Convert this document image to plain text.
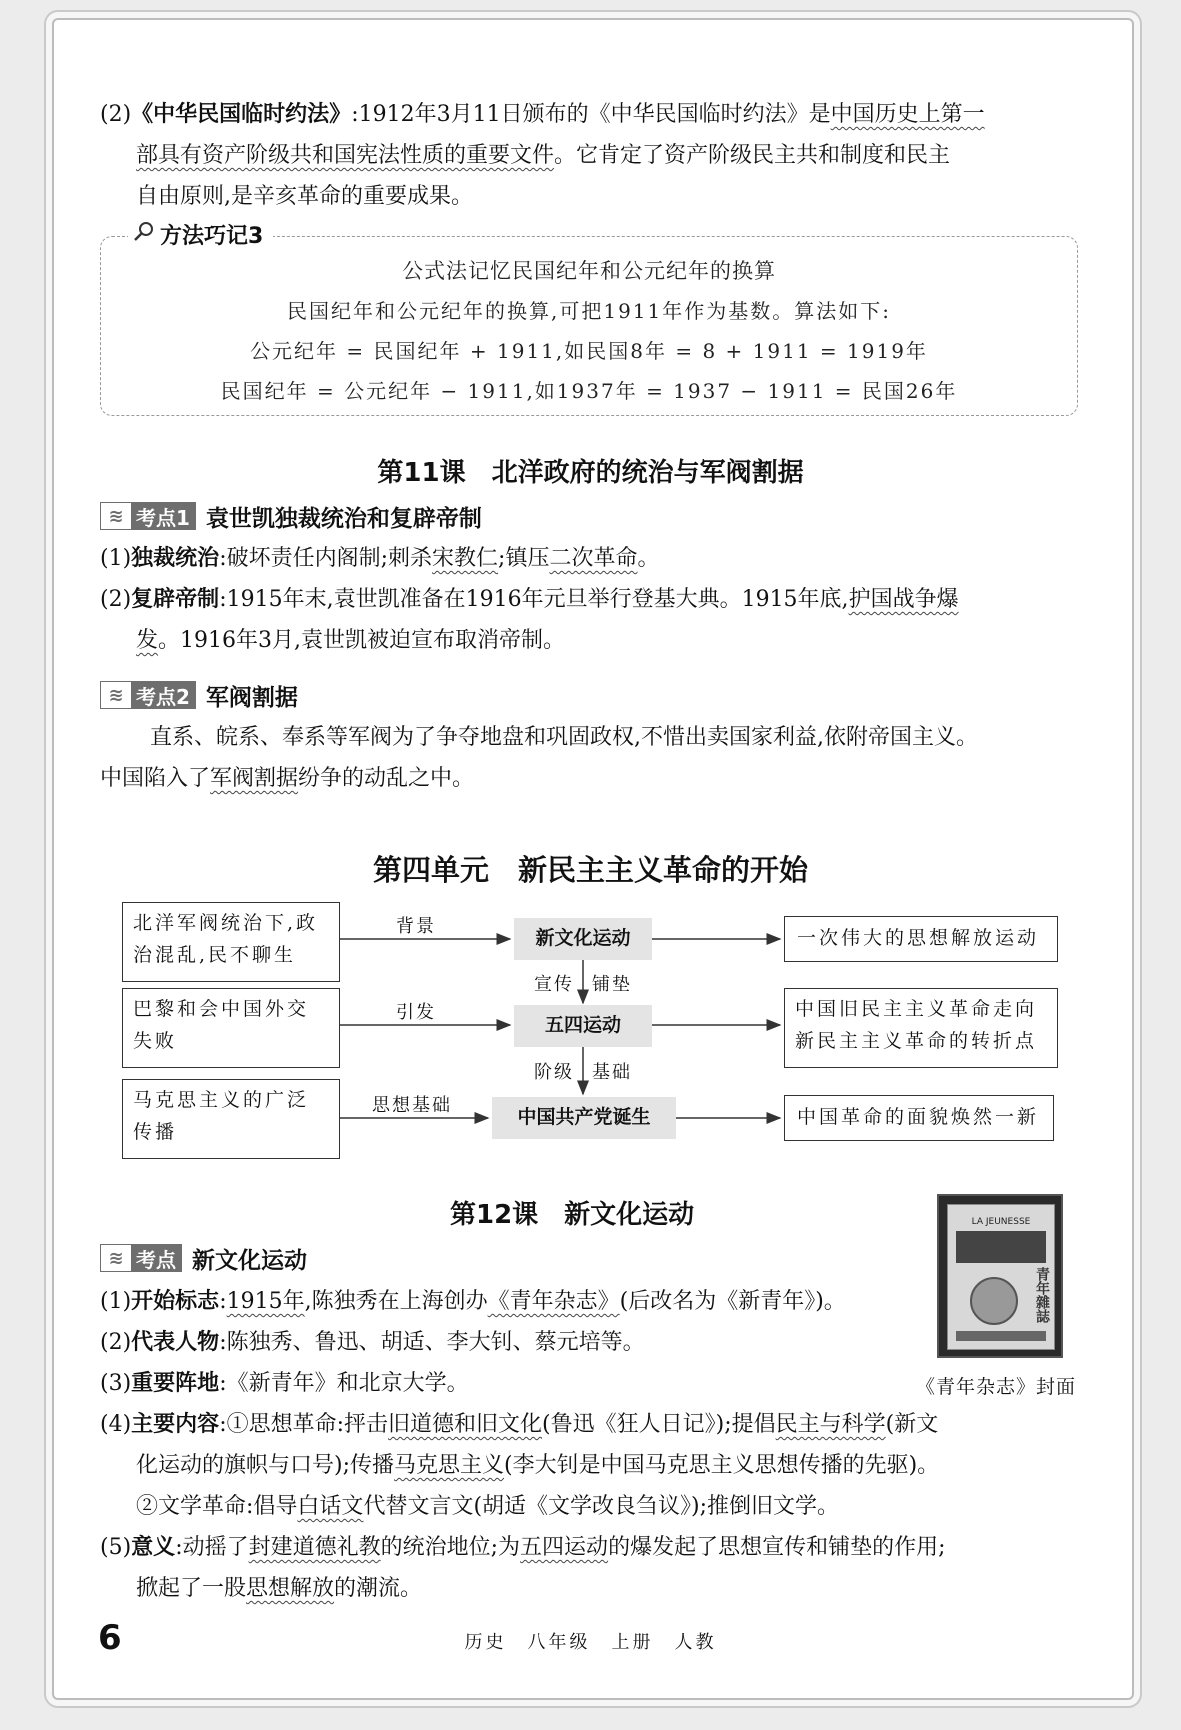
(2)《中华民国临时约法》:1912年3月11日颁布的《中华民国临时约法》是中国历史上第一
部具有资产阶级共和国宪法性质的重要文件。它肯定了资产阶级民主共和制度和民主
自由原则,是辛亥革命的重要成果。
公式法记忆民国纪年和公元纪年的换算
民国纪年和公元纪年的换算,可把1911年作为基数。算法如下:
公元纪年 = 民国纪年 + 1911,如民国8年 = 8 + 1911 = 1919年
民国纪年 = 公元纪年 − 1911,如1937年 = 1937 − 1911 = 民国26年
方法巧记3
第11课　北洋政府的统治与军阀割据
≋ 考点1 袁世凯独裁统治和复辟帝制
(1)独裁统治:破坏责任内阁制;刺杀宋教仁;镇压二次革命。
(2)复辟帝制:1915年末,袁世凯准备在1916年元旦举行登基大典。1915年底,护国战争爆
发。1916年3月,袁世凯被迫宣布取消帝制。
≋ 考点2 军阀割据
直系、皖系、奉系等军阀为了争夺地盘和巩固政权,不惜出卖国家利益,依附帝国主义。
中国陷入了军阀割据纷争的动乱之中。
第四单元　新民主主义革命的开始
北洋军阀统治下,政治混乱,民不聊生
巴黎和会中国外交失败
马克思主义的广泛传播
背景
引发
思想基础
新文化运动
五四运动
中国共产党诞生
宣传 铺垫
阶级 基础
一次伟大的思想解放运动
中国旧民主主义革命走向新民主主义革命的转折点
中国革命的面貌焕然一新
第12课　新文化运动
≋ 考点 新文化运动
LA JEUNESSE
青年雜誌
《青年杂志》封面
(1)开始标志:1915年,陈独秀在上海创办《青年杂志》(后改名为《新青年》)。
(2)代表人物:陈独秀、鲁迅、胡适、李大钊、蔡元培等。
(3)重要阵地:《新青年》和北京大学。
(4)主要内容:①思想革命:抨击旧道德和旧文化(鲁迅《狂人日记》);提倡民主与科学(新文
化运动的旗帜与口号);传播马克思主义(李大钊是中国马克思主义思想传播的先驱)。
②文学革命:倡导白话文代替文言文(胡适《文学改良刍议》);推倒旧文学。
(5)意义:动摇了封建道德礼教的统治地位;为五四运动的爆发起了思想宣传和铺垫的作用;
掀起了一股思想解放的潮流。
6	历史　八年级　上册　人教
